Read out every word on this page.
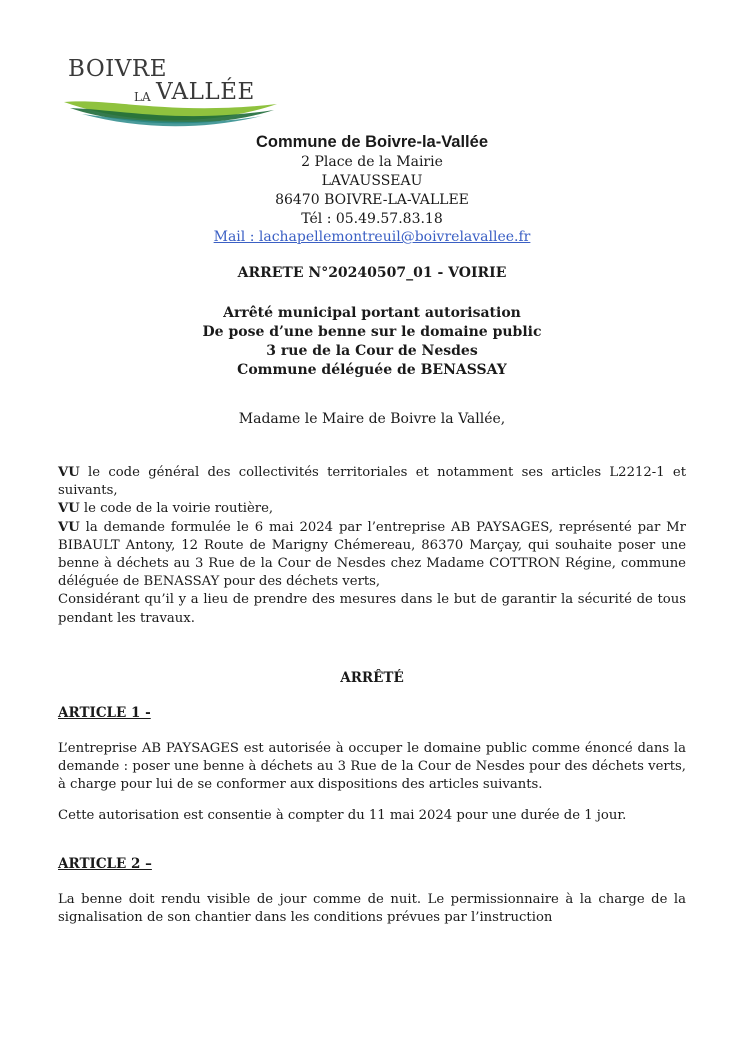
BOIVRE
LA VALLÉE
Commune de Boivre-la-Vallée
2 Place de la Mairie
LAVAUSSEAU
86470 BOIVRE-LA-VALLEE
Tél : 05.49.57.83.18
Mail : lachapellemontreuil@boivrelavallee.fr
ARRETE N°20240507_01 - VOIRIE
Arrêté municipal portant autorisation
De pose d’une benne sur le domaine public
3 rue de la Cour de Nesdes
Commune déléguée de BENASSAY
Madame le Maire de Boivre la Vallée,

VU le code général des collectivités territoriales et notamment ses articles L2212-1 et suivants,

VU le code de la voirie routière,

VU la demande formulée le 6 mai 2024 par l’entreprise AB PAYSAGES, représenté par Mr BIBAULT Antony, 12 Route de Marigny Chémereau, 86370 Marçay, qui souhaite poser une benne à déchets au 3 Rue de la Cour de Nesdes chez Madame COTTRON Régine, commune déléguée de BENASSAY pour des déchets verts,

Considérant qu’il y a lieu de prendre des mesures dans le but de garantir la sécurité de tous pendant les travaux.

ARRÊTÉ
ARTICLE 1 -

L’entreprise AB PAYSAGES est autorisée à occuper le domaine public comme énoncé dans la demande : poser une benne à déchets au 3 Rue de la Cour de Nesdes pour des déchets verts, à charge pour lui de se conformer aux dispositions des articles suivants.

Cette autorisation est consentie à compter du 11 mai 2024 pour une durée de 1 jour.

ARTICLE 2 –

La benne doit rendu visible de jour comme de nuit. Le permissionnaire à la charge de la signalisation de son chantier dans les conditions prévues par l’instruction
